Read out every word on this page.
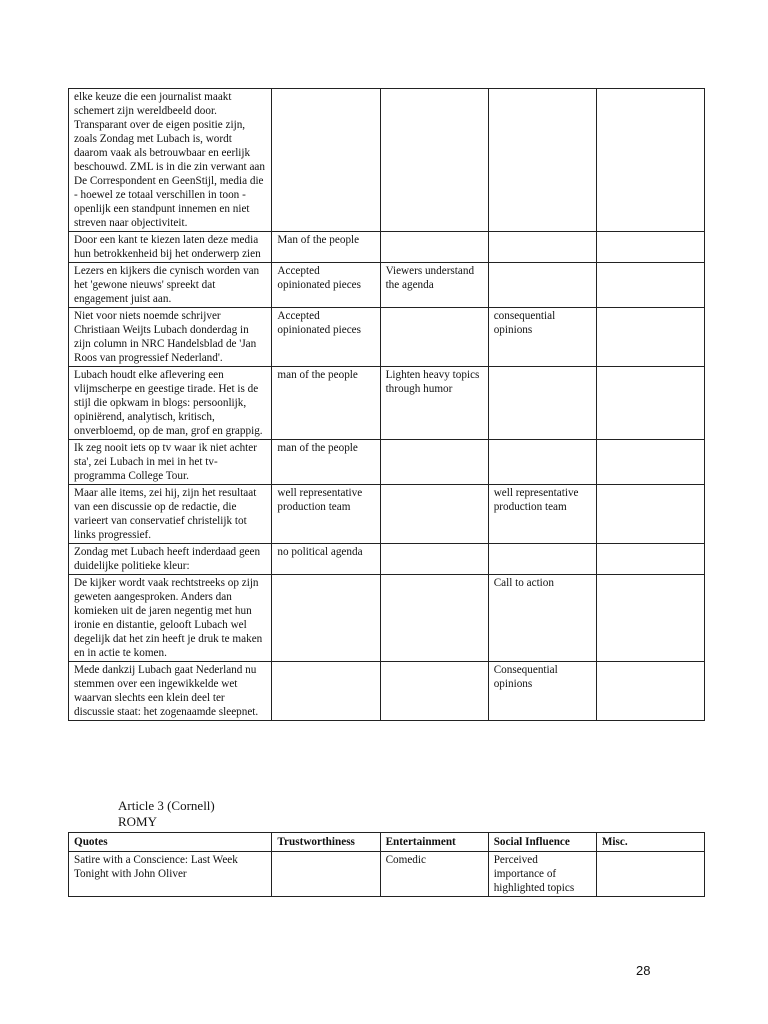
elke keuze die een journalist maakt schemert zijn wereldbeeld door. Transparant over de eigen positie zijn, zoals Zondag met Lubach is, wordt daarom vaak als betrouwbaar en eerlijk beschouwd. ZML is in die zin verwant aan De Correspondent en GeenStijl, media die - hoewel ze totaal verschillen in toon - openlijk een standpunt innemen en niet streven naar objectiviteit.				
Door een kant te kiezen laten deze media hun betrokkenheid bij het onderwerp zien	Man of the people			
Lezers en kijkers die cynisch worden van het 'gewone nieuws' spreekt dat engagement juist aan.	Accepted opinionated pieces	Viewers understand the agenda		
Niet voor niets noemde schrijver Christiaan Weijts Lubach donderdag in zijn column in NRC Handelsblad de 'Jan Roos van progressief Nederland'.	Accepted opinionated pieces		consequential opinions	
Lubach houdt elke aflevering een vlijmscherpe en geestige tirade. Het is de stijl die opkwam in blogs: persoonlijk, opiniërend, analytisch, kritisch, onverbloemd, op de man, grof en grappig.	man of the people	Lighten heavy topics through humor		
Ik zeg nooit iets op tv waar ik niet achter sta', zei Lubach in mei in het tv-programma College Tour.	man of the people			
Maar alle items, zei hij, zijn het resultaat van een discussie op de redactie, die varieert van conservatief christelijk tot links progressief.	well representative production team		well representative production team	
Zondag met Lubach heeft inderdaad geen duidelijke politieke kleur:	no political agenda			
De kijker wordt vaak rechtstreeks op zijn geweten aangesproken. Anders dan komieken uit de jaren negentig met hun ironie en distantie, gelooft Lubach wel degelijk dat het zin heeft je druk te maken en in actie te komen.			Call to action	
Mede dankzij Lubach gaat Nederland nu stemmen over een ingewikkelde wet waarvan slechts een klein deel ter discussie staat: het zogenaamde sleepnet.			Consequential opinions	
Article 3 (Cornell)
ROMY
Quotes	Trustworthiness	Entertainment	Social Influence	Misc.
Satire with a Conscience: Last Week Tonight with John Oliver		Comedic	Perceived importance of highlighted topics	
28
